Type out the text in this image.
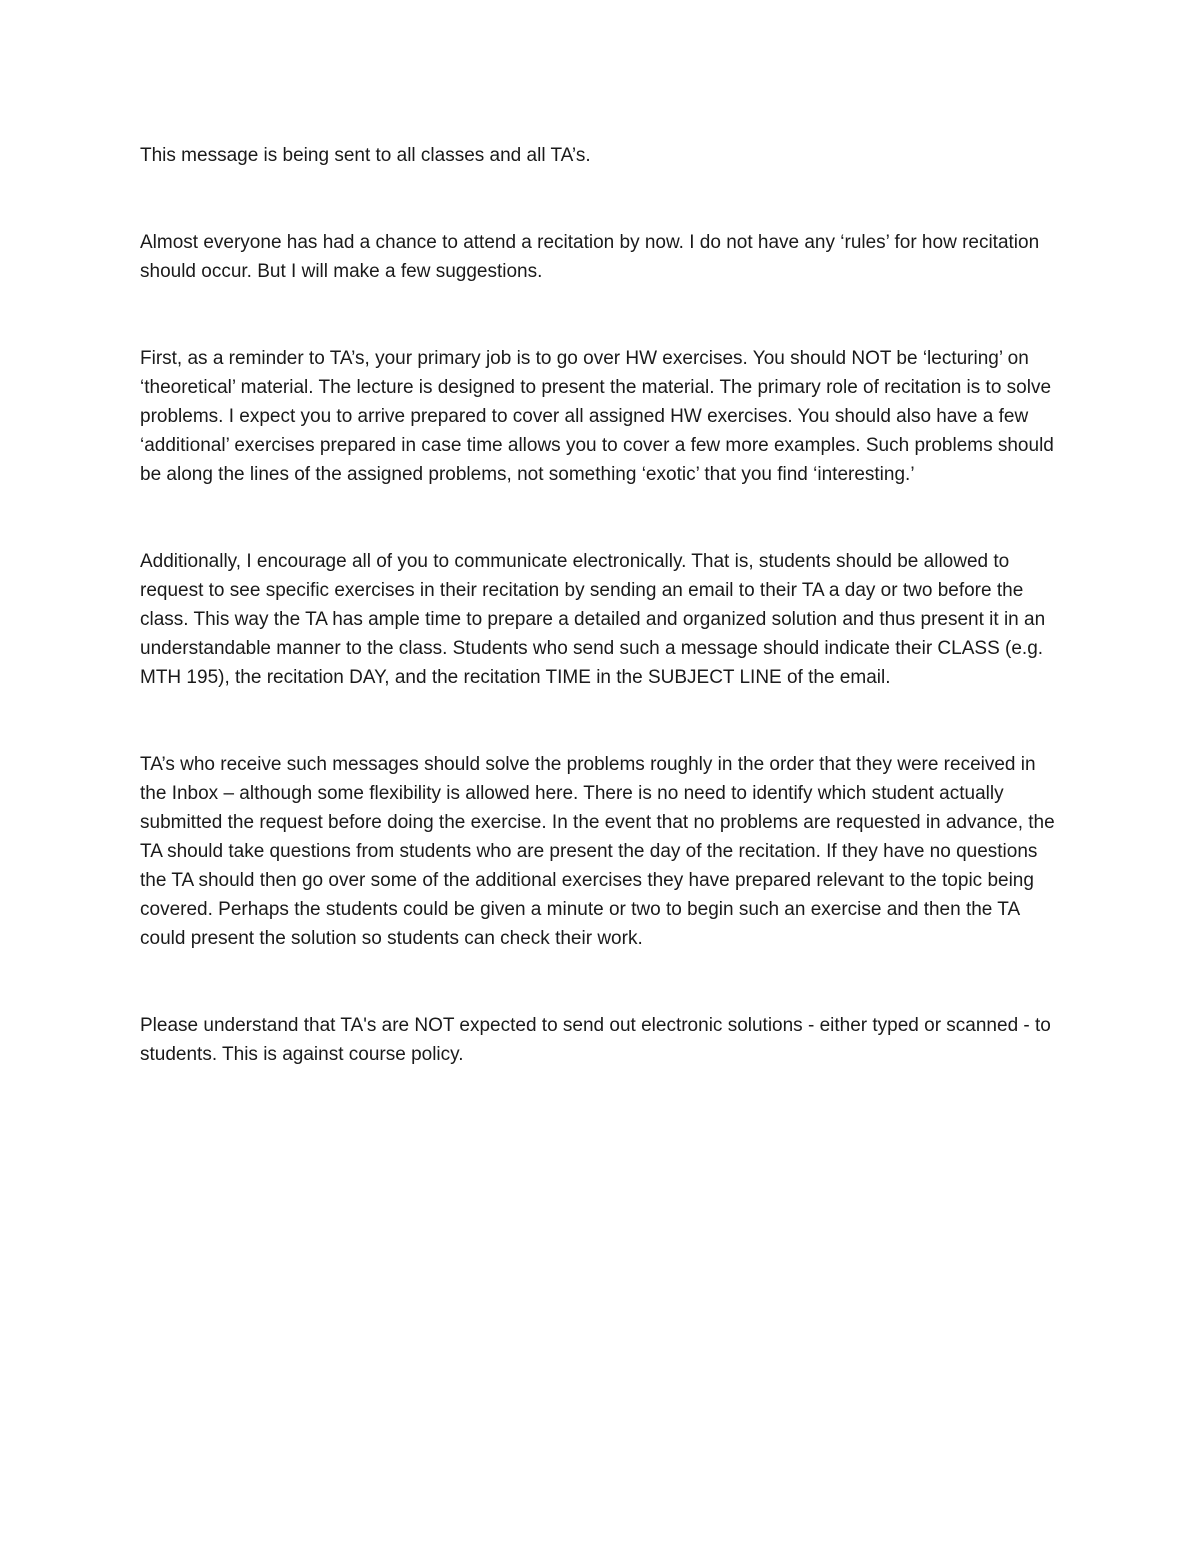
This message is being sent to all classes and all TA’s.

Almost everyone has had a chance to attend a recitation by now. I do not have any ‘rules’ for how recitation should occur. But I will make a few suggestions.

First, as a reminder to TA’s, your primary job is to go over HW exercises. You should NOT be ‘lecturing’ on ‘theoretical’ material. The lecture is designed to present the material. The primary role of recitation is to solve problems. I expect you to arrive prepared to cover all assigned HW exercises. You should also have a few ‘additional’ exercises prepared in case time allows you to cover a few more examples. Such problems should be along the lines of the assigned problems, not something ‘exotic’ that you find ‘interesting.’

Additionally, I encourage all of you to communicate electronically. That is, students should be allowed to request to see specific exercises in their recitation by sending an email to their TA a day or two before the class. This way the TA has ample time to prepare a detailed and organized solution and thus present it in an understandable manner to the class. Students who send such a message should indicate their CLASS (e.g. MTH 195), the recitation DAY, and the recitation TIME in the SUBJECT LINE of the email.

TA’s who receive such messages should solve the problems roughly in the order that they were received in the Inbox – although some flexibility is allowed here. There is no need to identify which student actually submitted the request before doing the exercise. In the event that no problems are requested in advance, the TA should take questions from students who are present the day of the recitation. If they have no questions the TA should then go over some of the additional exercises they have prepared relevant to the topic being covered. Perhaps the students could be given a minute or two to begin such an exercise and then the TA could present the solution so students can check their work.

Please understand that TA's are NOT expected to send out electronic solutions - either typed or scanned - to students. This is against course policy.
